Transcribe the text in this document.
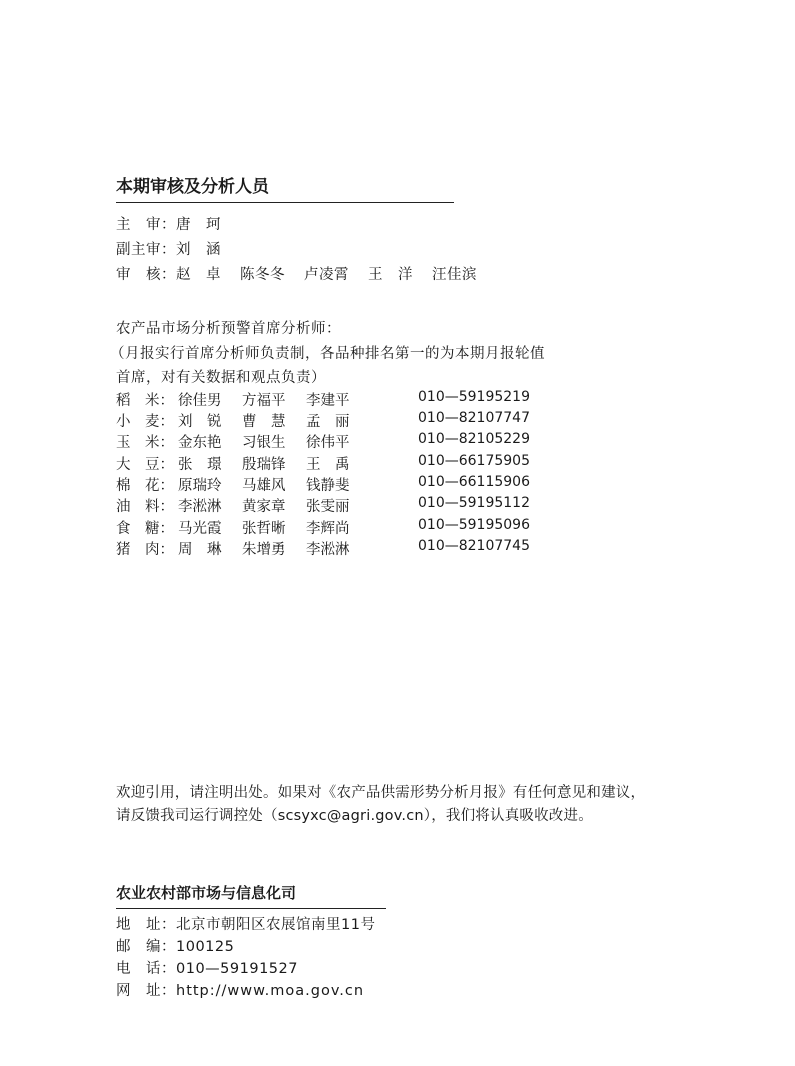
本期审核及分析人员
主　审：唐　珂
副主审：刘　涵
审　核：赵　卓 陈冬冬 卢凌霄 王　洋 汪佳滨
农产品市场分析预警首席分析师：
（月报实行首席分析师负责制，各品种排名第一的为本期月报轮值
首席，对有关数据和观点负责）
稻　米： 徐佳男 方福平 李建平	010—59195219
小　麦： 刘　锐 曹　慧 孟　丽	010—82107747
玉　米： 金东艳 习银生 徐伟平	010—82105229
大　豆： 张　璟 殷瑞锋 王　禹	010—66175905
棉　花： 原瑞玲 马雄风 钱静斐	010—66115906
油　料： 李淞淋 黄家章 张雯丽	010—59195112
食　糖： 马光霞 张哲晰 李辉尚	010—59195096
猪　肉： 周　琳 朱增勇 李淞淋	010—82107745
欢迎引用，请注明出处。如果对《农产品供需形势分析月报》有任何意见和建议，
请反馈我司运行调控处（scsyxc@agri.gov.cn），我们将认真吸收改进。
农业农村部市场与信息化司
地　址：北京市朝阳区农展馆南里11号
邮　编：100125
电　话：010—59191527
网　址：http://www.moa.gov.cn
